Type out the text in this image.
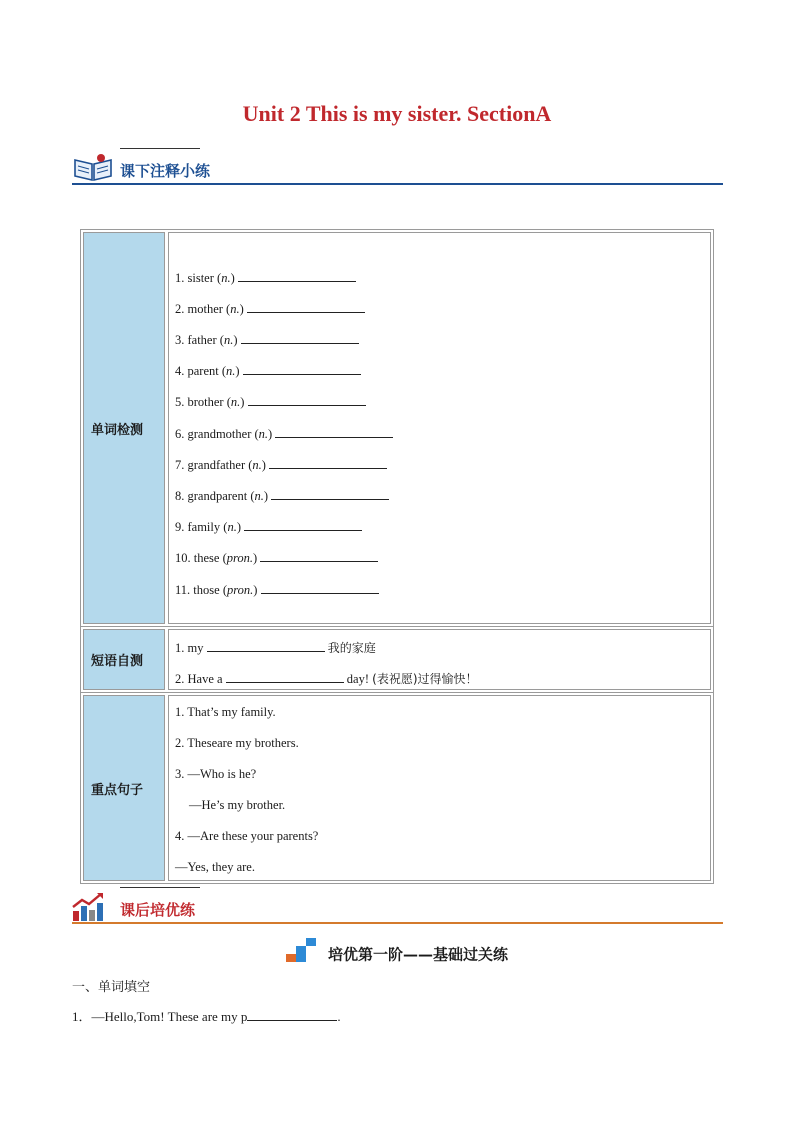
Unit 2 This is my sister. SectionA
课下注释小练
单词检测
1. sister (n.)
2. mother (n.)
3. father (n.)
4. parent (n.)
5. brother (n.)
6. grandmother (n.)
7. grandfather (n.)
8. grandparent (n.)
9. family (n.)
10. these (pron.)
11. those (pron.)
短语自测
1. my	我的家庭
2. Have a	day! (表祝愿)过得愉快！
重点句子
1. That’s my family.
2. Theseare my brothers.
3. —Who is he?
—He’s my brother.
4. —Are these your parents?
—Yes, they are.
课后培优练
培优第一阶——基础过关练
一、单词填空
1．—Hello,Tom! These are my p	.
